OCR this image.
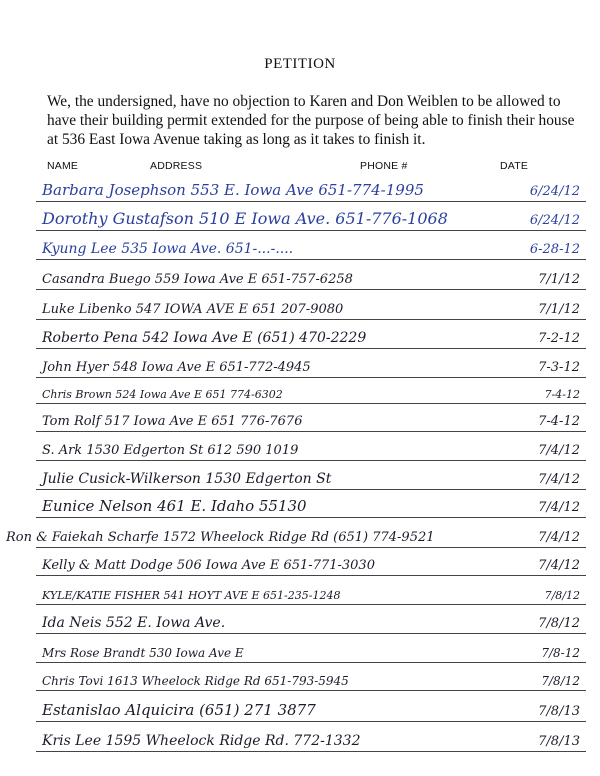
PETITION
We, the undersigned, have no objection to Karen and Don Weiblen to be allowed to have their building permit extended for the purpose of being able to finish their house at 536 East Iowa Avenue taking as long as it takes to finish it.
NAME	ADDRESS	PHONE #	DATE
Barbara Josephson 553 E. Iowa Ave 651-774-1995	6/24/12
Dorothy Gustafson 510 E Iowa Ave. 651-776-1068	6/24/12
Kyung Lee 535 Iowa Ave. 651-...-....	6-28-12
Casandra Buego 559 Iowa Ave E 651-757-6258	7/1/12
Luke Libenko 547 IOWA AVE E 651 207-9080	7/1/12
Roberto Pena 542 Iowa Ave E (651) 470-2229	7-2-12
John Hyer 548 Iowa Ave E 651-772-4945	7-3-12
Chris Brown 524 Iowa Ave E 651 774-6302	7-4-12
Tom Rolf 517 Iowa Ave E 651 776-7676	7-4-12
S. Ark 1530 Edgerton St 612 590 1019	7/4/12
Julie Cusick-Wilkerson 1530 Edgerton St	7/4/12
Eunice Nelson 461 E. Idaho 55130	7/4/12
Ron & Faiekah Scharfe 1572 Wheelock Ridge Rd (651) 774-9521	7/4/12
Kelly & Matt Dodge 506 Iowa Ave E 651-771-3030	7/4/12
KYLE/KATIE FISHER 541 HOYT AVE E 651-235-1248	7/8/12
Ida Neis 552 E. Iowa Ave.	7/8/12
Mrs Rose Brandt 530 Iowa Ave E	7/8-12
Chris Tovi 1613 Wheelock Ridge Rd 651-793-5945	7/8/12
Estanislao Alquicira (651) 271 3877	7/8/13
Kris Lee 1595 Wheelock Ridge Rd. 772-1332	7/8/13
